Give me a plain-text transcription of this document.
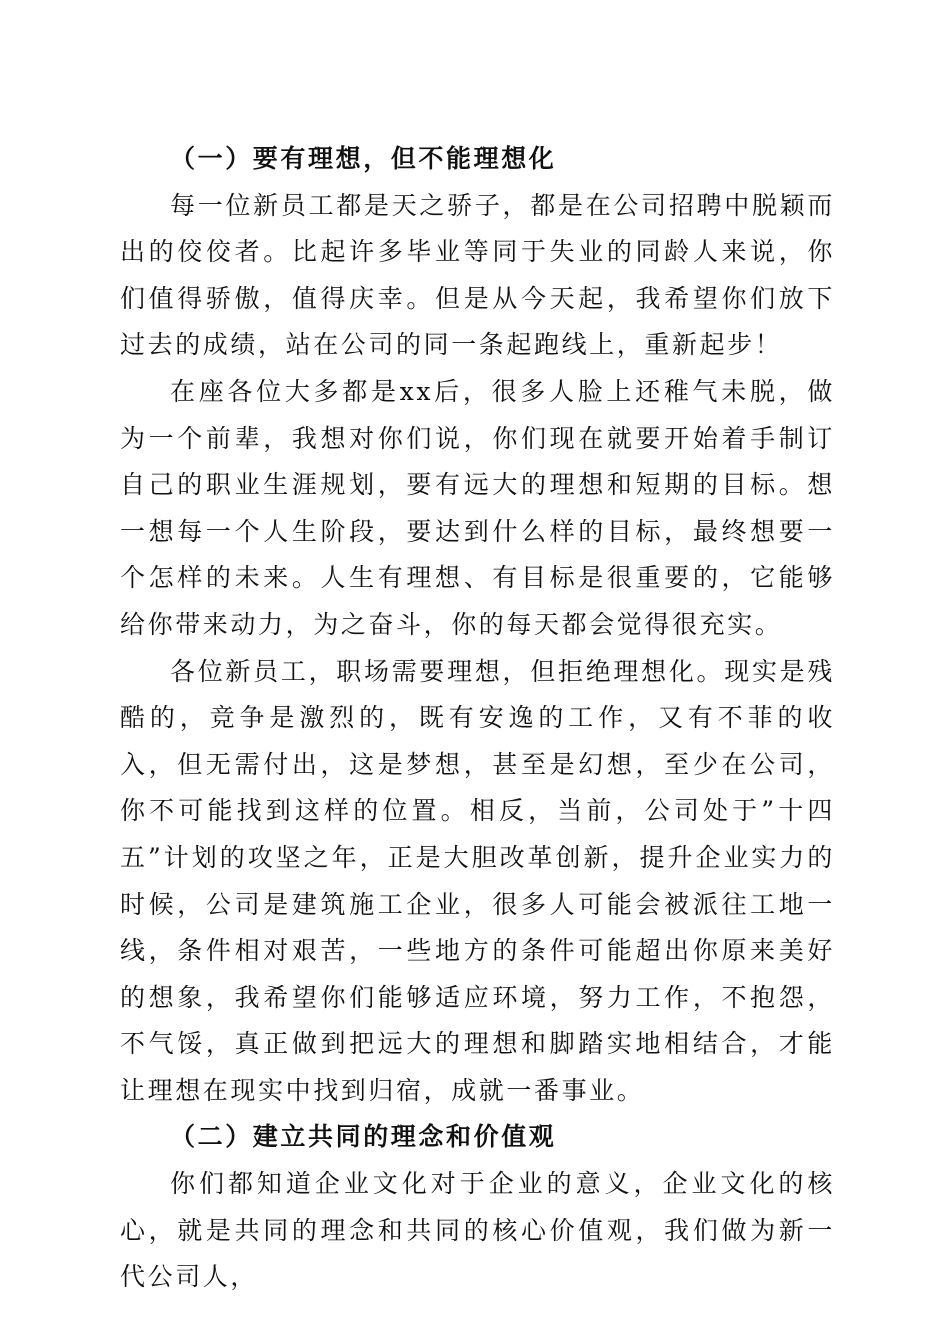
（一）要有理想，但不能理想化

每一位新员工都是天之骄子，都是在公司招聘中脱颖而出的佼佼者。比起许多毕业等同于失业的同龄人来说，你们值得骄傲，值得庆幸。但是从今天起，我希望你们放下过去的成绩，站在公司的同一条起跑线上，重新起步！

在座各位大多都是xx后，很多人脸上还稚气未脱，做为一个前辈，我想对你们说，你们现在就要开始着手制订自己的职业生涯规划，要有远大的理想和短期的目标。想一想每一个人生阶段，要达到什么样的目标，最终想要一个怎样的未来。人生有理想、有目标是很重要的，它能够给你带来动力，为之奋斗，你的每天都会觉得很充实。

各位新员工，职场需要理想，但拒绝理想化。现实是残酷的，竞争是激烈的，既有安逸的工作，又有不菲的收入，但无需付出，这是梦想，甚至是幻想，至少在公司，你不可能找到这样的位置。相反，当前，公司处于”十四五”计划的攻坚之年，正是大胆改革创新，提升企业实力的时候，公司是建筑施工企业，很多人可能会被派往工地一线，条件相对艰苦，一些地方的条件可能超出你原来美好的想象，我希望你们能够适应环境，努力工作，不抱怨，不气馁，真正做到把远大的理想和脚踏实地相结合，才能让理想在现实中找到归宿，成就一番事业。

（二）建立共同的理念和价值观

你们都知道企业文化对于企业的意义，企业文化的核心，就是共同的理念和共同的核心价值观，我们做为新一代公司人，
